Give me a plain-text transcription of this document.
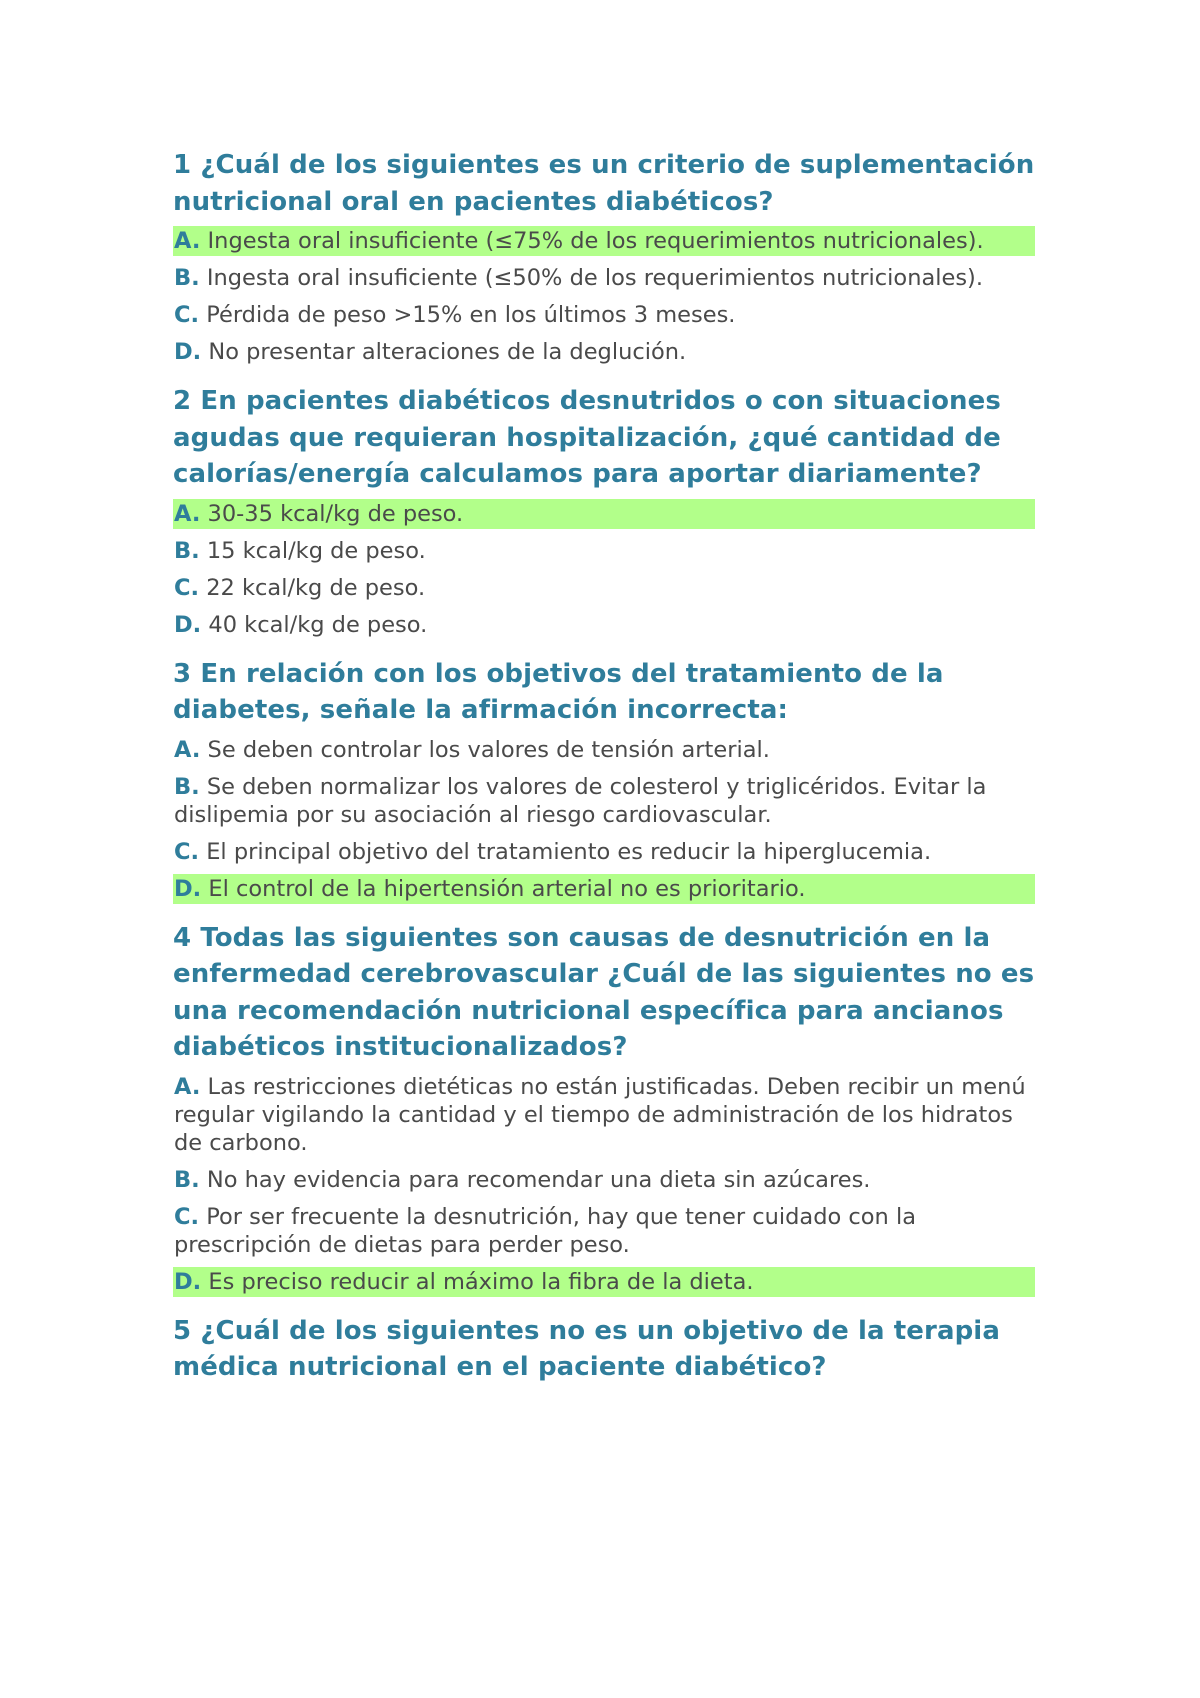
1 ¿Cuál de los siguientes es un criterio de suplementación nutricional oral en pacientes diabéticos?
A. Ingesta oral insuficiente (≤75% de los requerimientos nutricionales).
B. Ingesta oral insuficiente (≤50% de los requerimientos nutricionales).
C. Pérdida de peso >15% en los últimos 3 meses.
D. No presentar alteraciones de la deglución.
2 En pacientes diabéticos desnutridos o con situaciones agudas que requieran hospitalización, ¿qué cantidad de calorías/energía calculamos para aportar diariamente?
A. 30-35 kcal/kg de peso.
B. 15 kcal/kg de peso.
C. 22 kcal/kg de peso.
D. 40 kcal/kg de peso.
3 En relación con los objetivos del tratamiento de la diabetes, señale la afirmación incorrecta:
A. Se deben controlar los valores de tensión arterial.
B. Se deben normalizar los valores de colesterol y triglicéridos. Evitar la dislipemia por su asociación al riesgo cardiovascular.
C. El principal objetivo del tratamiento es reducir la hiperglucemia.
D. El control de la hipertensión arterial no es prioritario.
4 Todas las siguientes son causas de desnutrición en la enfermedad cerebrovascular ¿Cuál de las siguientes no es una recomendación nutricional específica para ancianos diabéticos institucionalizados?
A. Las restricciones dietéticas no están justificadas. Deben recibir un menú regular vigilando la cantidad y el tiempo de administración de los hidratos de carbono.
B. No hay evidencia para recomendar una dieta sin azúcares.
C. Por ser frecuente la desnutrición, hay que tener cuidado con la prescripción de dietas para perder peso.
D. Es preciso reducir al máximo la fibra de la dieta.
5 ¿Cuál de los siguientes no es un objetivo de la terapia médica nutricional en el paciente diabético?
